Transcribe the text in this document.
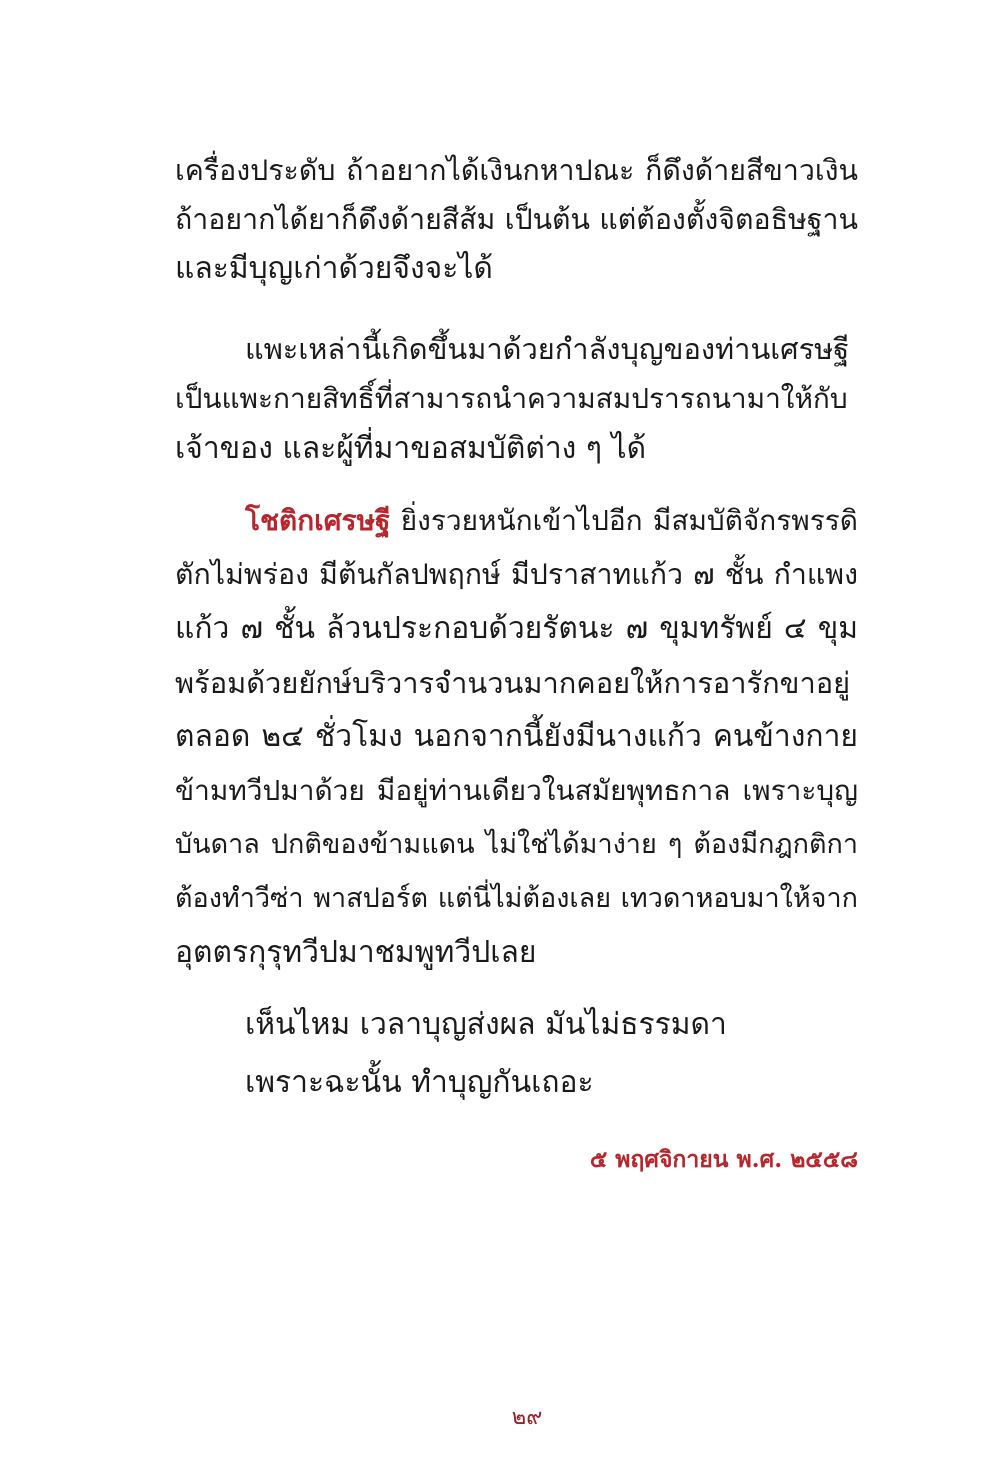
เครื่องประดับ ถ้าอยากได้เงินกหาปณะ ก็ดึงด้ายสีขาวเงิน
ถ้าอยากได้ยาก็ดึงด้ายสีส้ม เป็นต้น แต่ต้องตั้งจิตอธิษฐาน
และมีบุญเก่าด้วยจึงจะได้
แพะเหล่านี้เกิดขึ้นมาด้วยกำลังบุญของท่านเศรษฐี
เป็นแพะกายสิทธิ์ที่สามารถนำความสมปรารถนามาให้กับ
เจ้าของ และผู้ที่มาขอสมบัติต่าง ๆ ได้
โชติกเศรษฐี ยิ่งรวยหนักเข้าไปอีก มีสมบัติจักรพรรดิ
ตักไม่พร่อง มีต้นกัลปพฤกษ์ มีปราสาทแก้ว ๗ ชั้น กำแพง
แก้ว ๗ ชั้น ล้วนประกอบด้วยรัตนะ ๗ ขุมทรัพย์ ๔ ขุม
พร้อมด้วยยักษ์บริวารจำนวนมากคอยให้การอารักขาอยู่
ตลอด ๒๔ ชั่วโมง นอกจากนี้ยังมีนางแก้ว คนข้างกาย
ข้ามทวีปมาด้วย มีอยู่ท่านเดียวในสมัยพุทธกาล เพราะบุญ
บันดาล ปกติของข้ามแดน ไม่ใช่ได้มาง่าย ๆ ต้องมีกฎกติกา
ต้องทำวีซ่า พาสปอร์ต แต่นี่ไม่ต้องเลย เทวดาหอบมาให้จาก
อุตตรกุรุทวีปมาชมพูทวีปเลย
เห็นไหม เวลาบุญส่งผล มันไม่ธรรมดา
เพราะฉะนั้น ทำบุญกันเถอะ
๕ พฤศจิกายน พ.ศ. ๒๕๕๘
๒๙
